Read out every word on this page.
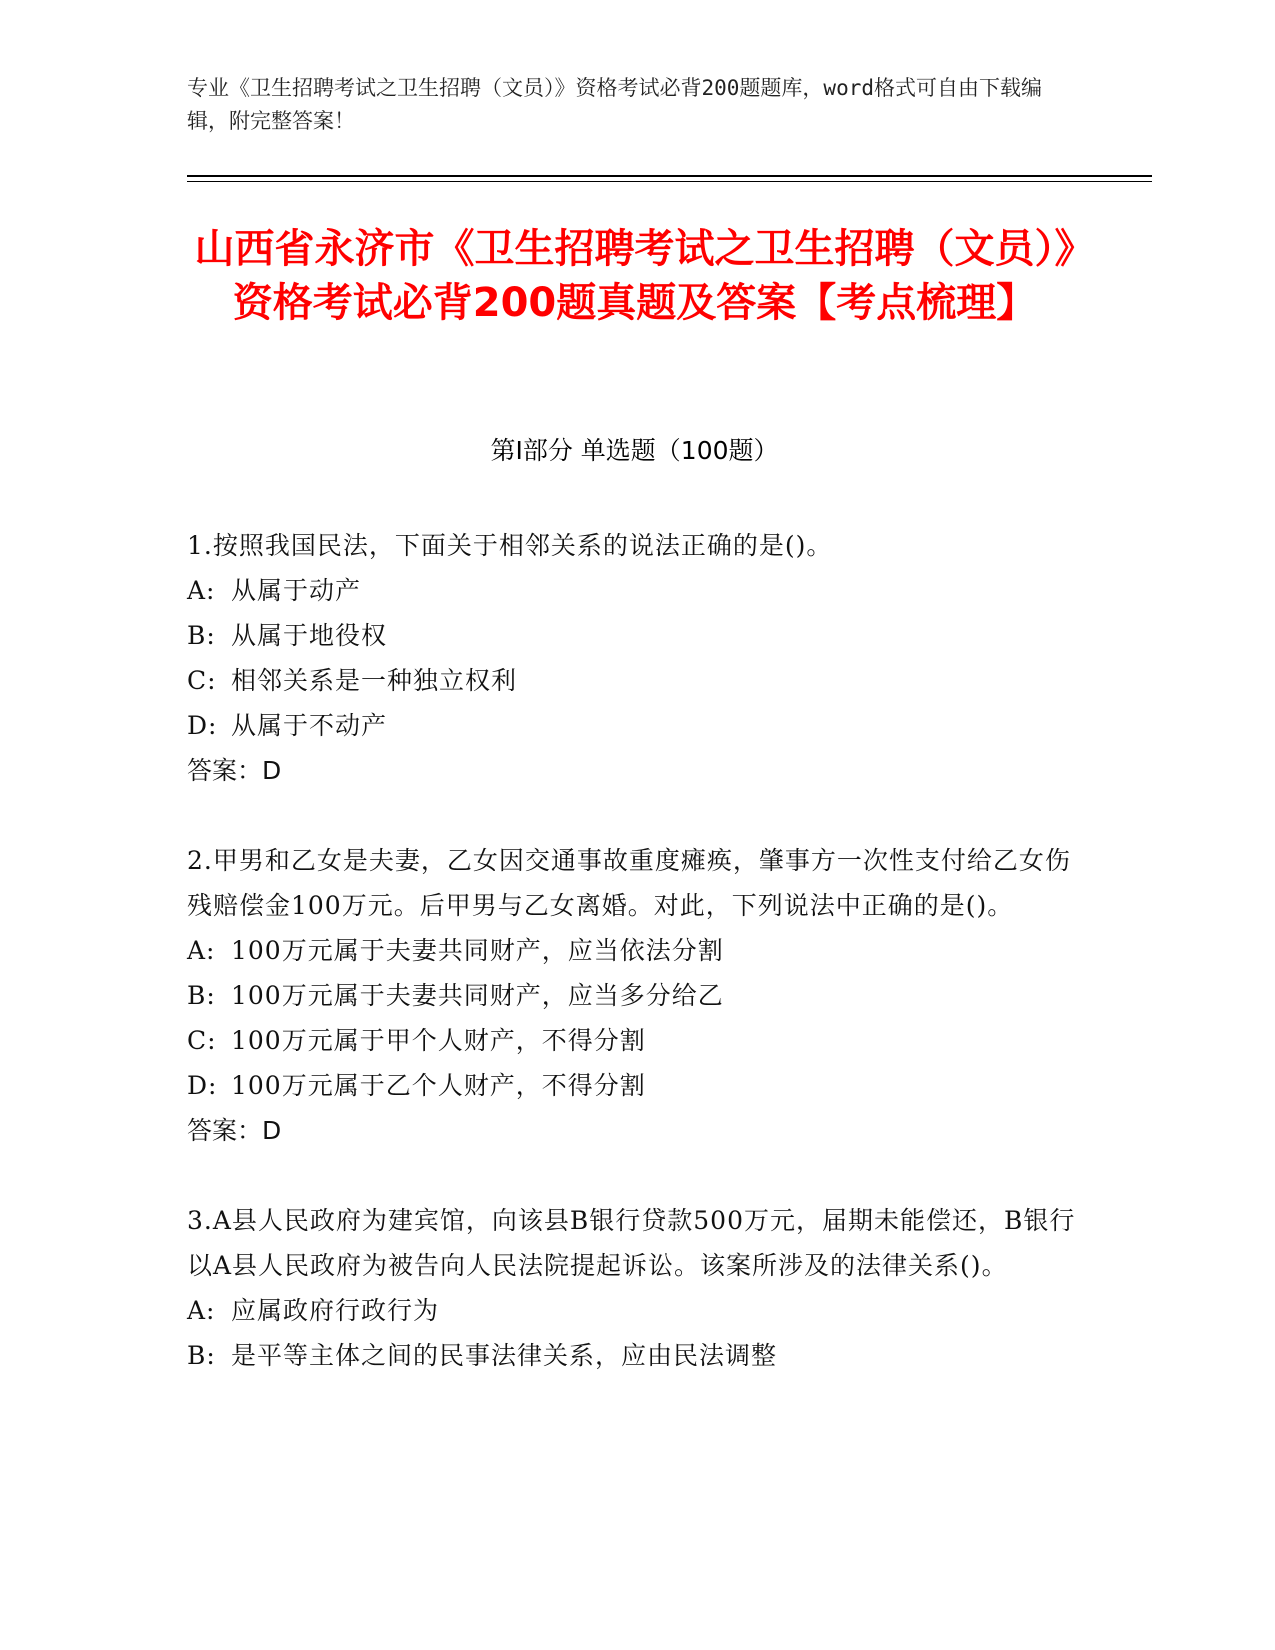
专业《卫生招聘考试之卫生招聘（文员）》资格考试必背200题题库，word格式可自由下载编辑，附完整答案！
山西省永济市《卫生招聘考试之卫生招聘（文员）》资格考试必背200题真题及答案【考点梳理】
第Ⅰ部分 单选题（100题）

1.按照我国民法，下面关于相邻关系的说法正确的是()。

A: 从属于动产

B: 从属于地役权

C: 相邻关系是一种独立权利

D: 从属于不动产

答案：D

2.甲男和乙女是夫妻，乙女因交通事故重度瘫痪，肇事方一次性支付给乙女伤残赔偿金100万元。后甲男与乙女离婚。对此，下列说法中正确的是()。

A: 100万元属于夫妻共同财产，应当依法分割

B: 100万元属于夫妻共同财产，应当多分给乙

C: 100万元属于甲个人财产，不得分割

D: 100万元属于乙个人财产，不得分割

答案：D

3.A县人民政府为建宾馆，向该县B银行贷款500万元，届期未能偿还，B银行以A县人民政府为被告向人民法院提起诉讼。该案所涉及的法律关系()。

A: 应属政府行政行为

B: 是平等主体之间的民事法律关系，应由民法调整
